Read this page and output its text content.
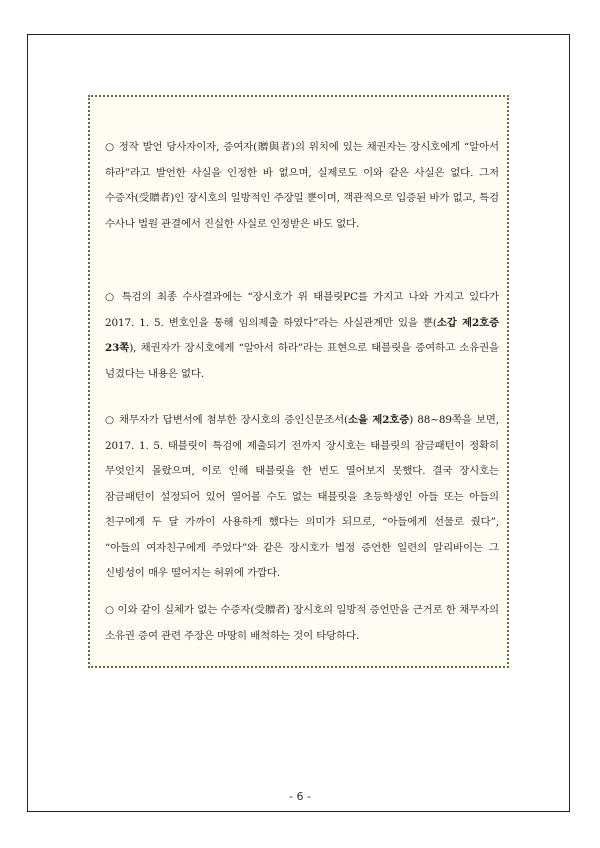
○ 정작 발언 당사자이자, 증여자(贈與者)의 위치에 있는 채권자는 장시호에게 “알아서 하라”라고 발언한 사실을 인정한 바 없으며, 실제로도 이와 같은 사실은 없다. 그저 수증자(受贈者)인 장시호의 일방적인 주장일 뿐이며, 객관적으로 입증된 바가 없고, 특검 수사나 법원 관결에서 진실한 사실로 인정받은 바도 없다.

○ 특검의 최종 수사결과에는 “장시호가 위 태블릿PC를 가지고 나와 가지고 있다가 2017. 1. 5. 변호인을 통해 임의제출 하였다”라는 사실관계만 있을 뿐(소갑 제2호증 23쪽), 채권자가 장시호에게 “알아서 하라”라는 표현으로 태블릿을 증여하고 소유권을 넘겼다는 내용은 없다.

○ 채무자가 답변서에 첨부한 장시호의 증인신문조서(소을 제2호증) 88~89쪽을 보면, 2017. 1. 5. 태블릿이 특검에 제출되기 전까지 장시호는 태블릿의 잠금패턴이 정확히 무엇인지 몰랐으며, 이로 인해 태블릿을 한 번도 열어보지 못했다. 결국 장시호는 잠금패턴이 설정되어 있어 열어볼 수도 없는 태블릿을 초등학생인 아들 또는 아들의 친구에게 두 달 가까이 사용하게 했다는 의미가 되므로, “아들에게 선물로 줬다”, “아들의 여자친구에게 주었다”와 같은 장시호가 법정 증언한 일련의 알리바이는 그 신빙성이 매우 떨어지는 허위에 가깝다.

○ 이와 같이 실체가 없는 수증자(受贈者) 장시호의 일방적 증언만을 근거로 한 채무자의 소유권 증여 관련 주장은 마땅히 배척하는 것이 타당하다.

- 6 -
